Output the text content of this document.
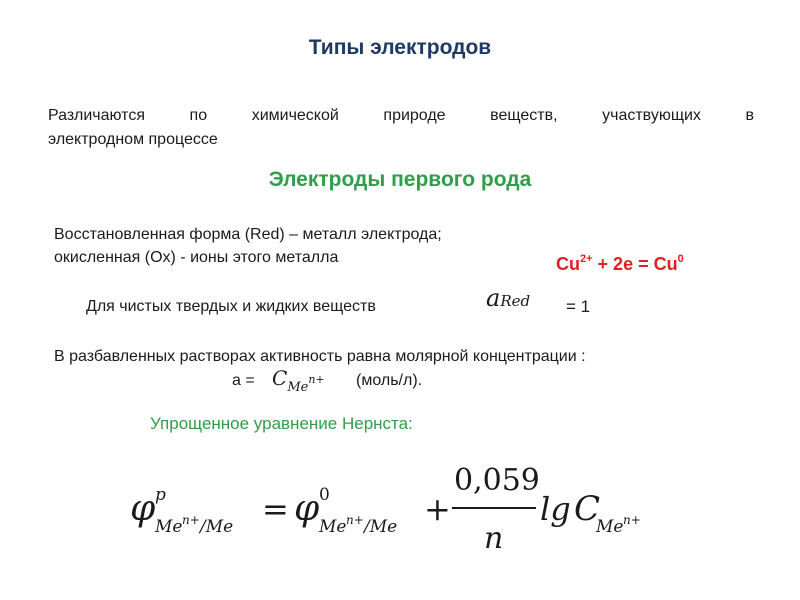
Типы электродов
Различаются по химической природе веществ, участвующих в
электродном процессе
Электроды первого рода
Восстановленная форма (Red) – металл электрода;
окисленная (Ox) - ионы этого металла	$Cu^{2+} + 2e = Cu^0$
Для чистых твердых и жидких веществ	aRed = 1
В разбавленных растворах активность равна молярной концентрации :
$а = C_{Me}n+$ (моль/л).
Упрощенное уравнение Нернста:
φ p
Me n+ /Me = φ 0
Me n+ /Me +
0,059
n
lg C
Me n+
